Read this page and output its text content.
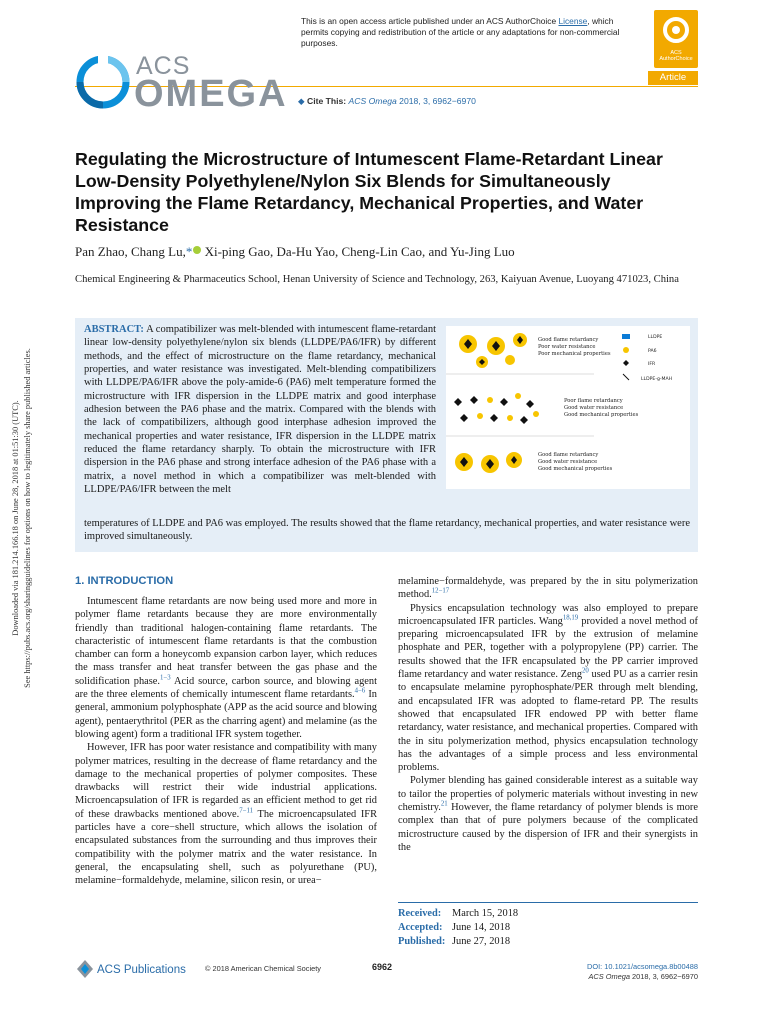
Downloaded via 181.214.166.18 on June 28, 2018 at 01:51:30 (UTC). See https://pubs.acs.org/sharingguidelines for options on how to legitimately share published articles.
This is an open access article published under an ACS AuthorChoice License, which permits copying and redistribution of the article or any adaptations for non-commercial purposes.
ACS AuthorChoice
Article
ACS
OMEGA ◆ Cite This: ACS Omega 2018, 3, 6962−6970
Regulating the Microstructure of Intumescent Flame-Retardant Linear Low-Density Polyethylene/Nylon Six Blends for Simultaneously Improving the Flame Retardancy, Mechanical Properties, and Water Resistance
Pan Zhao, Chang Lu,* Xi-ping Gao, Da-Hu Yao, Cheng-Lin Cao, and Yu-Jing Luo
Chemical Engineering & Pharmaceutics School, Henan University of Science and Technology, 263, Kaiyuan Avenue, Luoyang 471023, China
ABSTRACT: A compatibilizer was melt-blended with intumescent flame-retardant linear low-density polyethylene/nylon six blends (LLDPE/PA6/IFR) by different methods, and the effect of microstructure on the flame retardancy, mechanical properties, and water resistance was investigated. Melt-blending compatibilizers with LLDPE/PA6/IFR above the poly-amide-6 (PA6) melt temperature formed the microstructure with IFR dispersion in the LLDPE matrix and good interphase adhesion between the PA6 phase and the matrix. Compared with the blends with the lack of compatibilizers, although good interphase adhesion improved the mechanical properties and water resistance, IFR dispersion in the LLDPE matrix reduced the flame retardancy sharply. To obtain the microstructure with IFR dispersion in the PA6 phase and strong interface adhesion of the PA6 phase with a matrix, a novel method in which a compatibilizer was melt-blended with LLDPE/PA6/IFR between the melt
temperatures of LLDPE and PA6 was employed. The results showed that the flame retardancy, mechanical properties, and water resistance were improved simultaneously.
Good flame retardancy
Poor water resistance
Poor mechanical properties
LLDPE
PA6
IFR
LLDPE-g-MAH
Poor flame retardancy
Good water resistance
Good mechanical properties
Good flame retardancy
Good water resistance
Good mechanical properties
1. INTRODUCTION

Intumescent flame retardants are now being used more and more in polymer flame retardants because they are more environmentally friendly than traditional halogen-containing flame retardants. The characteristic of intumescent flame retardants is that the combustion chamber can form a honeycomb expansion carbon layer, which reduces the mass transfer and heat transfer between the gas phase and the solidification phase.$^{1-3}$ Acid source, carbon source, and blowing agent are the three elements of chemically intumescent flame retardants.$^{4-6}$ In general, ammonium polyphosphate (APP as the acid source and blowing agent), pentaerythritol (PER as the charring agent) and melamine (as the blowing agent) form a traditional IFR system together.

However, IFR has poor water resistance and compatibility with many polymer matrices, resulting in the decrease of flame retardancy and the damage to the mechanical properties of polymer composites. These drawbacks will restrict their wide industrial applications. Microencapsulation of IFR is regarded as an efficient method to get rid of these drawbacks mentioned above.$^{7-11}$ The microencapsulated IFR particles have a core−shell structure, which allows the isolation of encapsulated substances from the surrounding and thus improves their compatibility with the polymer matrix and the water resistance. In general, the encapsulating shell, such as polyurethane (PU), melamine−formaldehyde, melamine, silicon resin, or urea−

melamine−formaldehyde, was prepared by the in situ polymerization method.$^{12-17}$

Physics encapsulation technology was also employed to prepare microencapsulated IFR particles. Wang$^{18,19}$ provided a novel method of preparing microencapsulated IFR by the extrusion of melamine phosphate and PER, together with a polypropylene (PP) carrier. The results showed that the IFR encapsulated by the PP carrier improved flame retardancy and water resistance. Zeng$^{20}$ used PU as a carrier resin to encapsulate melamine pyrophosphate/PER through melt blending, and encapsulated IFR was adopted to flame-retard PP. The results showed that encapsulated IFR endowed PP with better flame retardancy, water resistance, and mechanical properties. Compared with the in situ polymerization method, physics encapsulation technology has the advantages of a simple process and less environmental problems.

Polymer blending has gained considerable interest as a suitable way to tailor the properties of polymeric materials without investing in new chemistry.$^{21}$ However, the flame retardancy of polymer blends is more complex than that of pure polymers because of the complicated microstructure caused by the dispersion of IFR and their synergists in the

Received: March 15, 2018
Accepted: June 14, 2018
Published: June 27, 2018
ACS Publications	© 2018 American Chemical Society	6962	DOI: 10.1021/acsomega.8b00488
ACS Omega 2018, 3, 6962−6970
